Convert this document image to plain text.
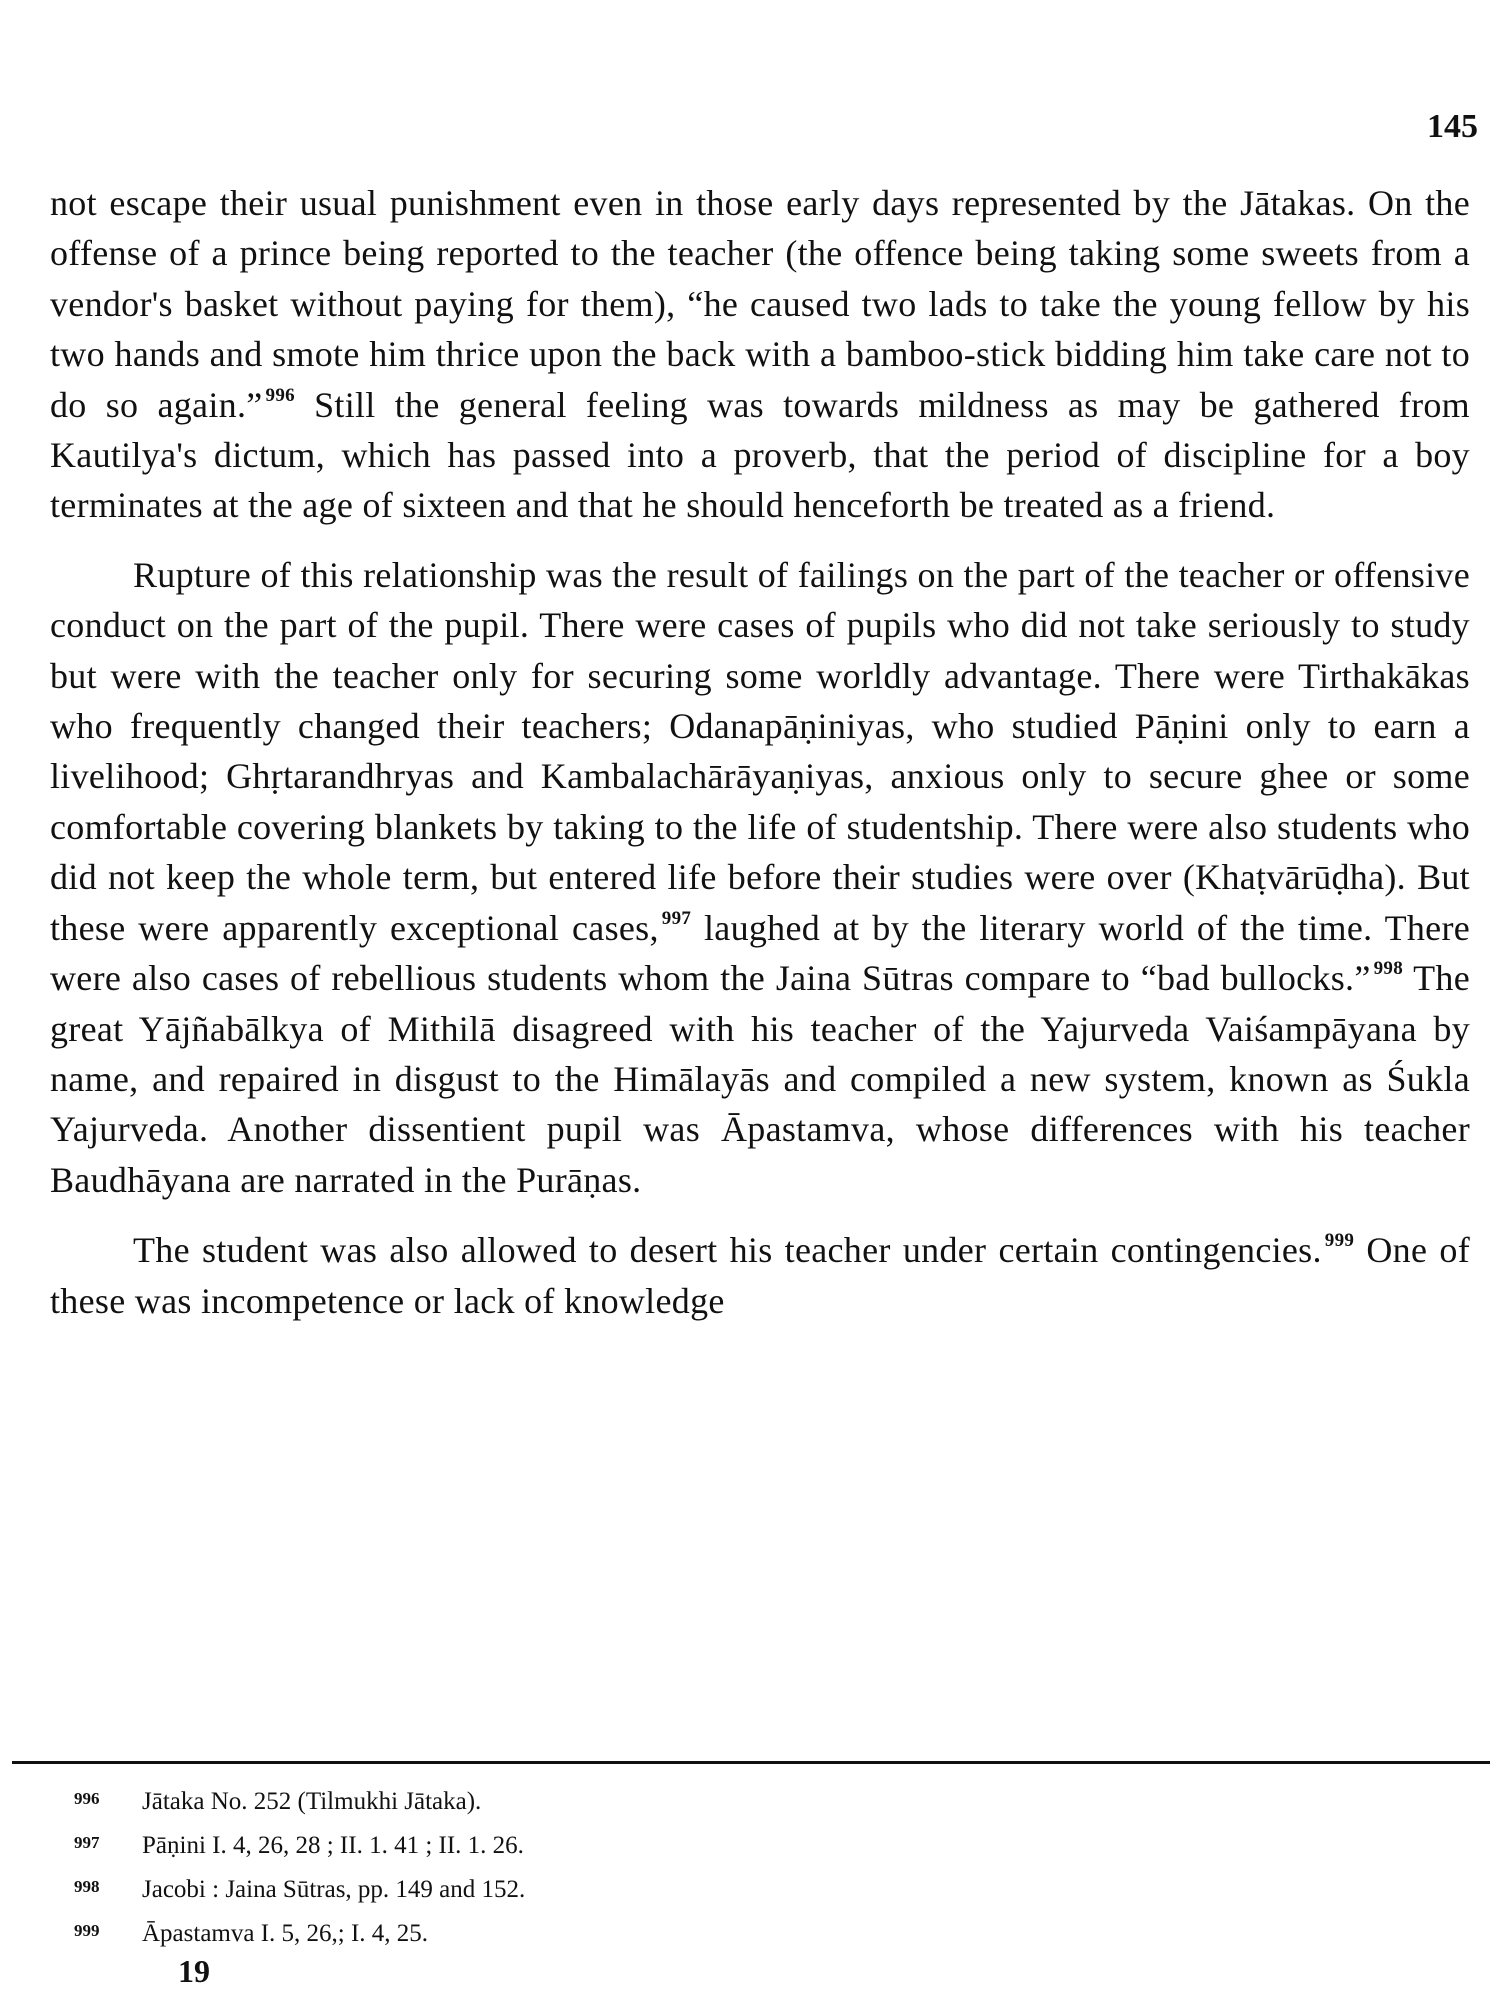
145

not escape their usual punishment even in those early days represented by the Jātakas. On the offense of a prince being reported to the teacher (the offence being taking some sweets from a vendor's basket without paying for them), “he caused two lads to take the young fellow by his two hands and smote him thrice upon the back with a bamboo-stick bidding him take care not to do so again.” $^{996}$ Still the general feeling was towards mildness as may be gathered from Kautilya's dictum, which has passed into a proverb, that the period of discipline for a boy terminates at the age of sixteen and that he should henceforth be treated as a friend.

Rupture of this relationship was the result of failings on the part of the teacher or offensive conduct on the part of the pupil. There were cases of pupils who did not take seriously to study but were with the teacher only for securing some worldly advantage. There were Tirthakākas who frequently changed their teachers; Odanapāṇiniyas, who studied Pāṇini only to earn a livelihood; Ghṛtarandhryas and Kambalachārāyaṇiyas, anxious only to secure ghee or some comfortable covering blankets by taking to the life of studentship. There were also students who did not keep the whole term, but entered life before their studies were over (Khaṭvārūḍha). But these were apparently exceptional cases, $^{997}$ laughed at by the literary world of the time. There were also cases of rebellious students whom the Jaina Sūtras compare to “bad bullocks.” $^{998}$ The great Yājñabālkya of Mithilā disagreed with his teacher of the Yajurveda Vaiśampāyana by name, and repaired in disgust to the Himālayās and compiled a new system, known as Śukla Yajurveda. Another dissentient pupil was Āpastamva, whose differences with his teacher Baudhāyana are narrated in the Purāṇas.

The student was also allowed to desert his teacher under certain contingencies. $^{999}$ One of these was incompetence or lack of knowledge

996 Jātaka No. 252 (Tilmukhi Jātaka).
997 Pāṇini I. 4, 26, 28 ; II. 1. 41 ; II. 1. 26.
998 Jacobi : Jaina Sūtras, pp. 149 and 152.
999 Āpastamva I. 5, 26,; I. 4, 25.

19
